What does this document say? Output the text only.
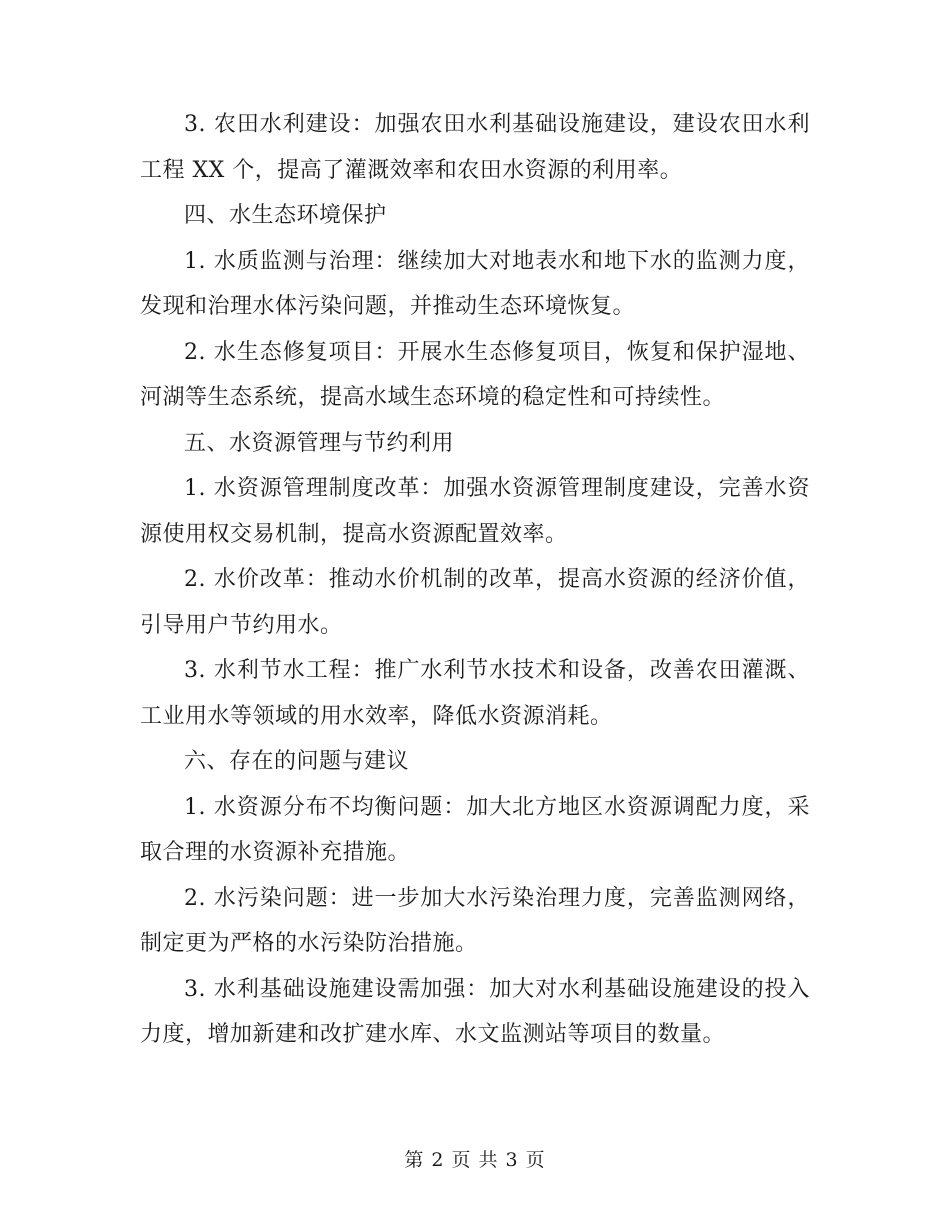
3. 农田水利建设：加强农田水利基础设施建设，建设农田水利工程 XX 个，提高了灌溉效率和农田水资源的利用率。

四、水生态环境保护

1. 水质监测与治理：继续加大对地表水和地下水的监测力度，发现和治理水体污染问题，并推动生态环境恢复。

2. 水生态修复项目：开展水生态修复项目，恢复和保护湿地、河湖等生态系统，提高水域生态环境的稳定性和可持续性。

五、水资源管理与节约利用

1. 水资源管理制度改革：加强水资源管理制度建设，完善水资源使用权交易机制，提高水资源配置效率。

2. 水价改革：推动水价机制的改革，提高水资源的经济价值，引导用户节约用水。

3. 水利节水工程：推广水利节水技术和设备，改善农田灌溉、工业用水等领域的用水效率，降低水资源消耗。

六、存在的问题与建议

1. 水资源分布不均衡问题：加大北方地区水资源调配力度，采取合理的水资源补充措施。

2. 水污染问题：进一步加大水污染治理力度，完善监测网络，制定更为严格的水污染防治措施。

3. 水利基础设施建设需加强：加大对水利基础设施建设的投入力度，增加新建和改扩建水库、水文监测站等项目的数量。

第 2 页 共 3 页
